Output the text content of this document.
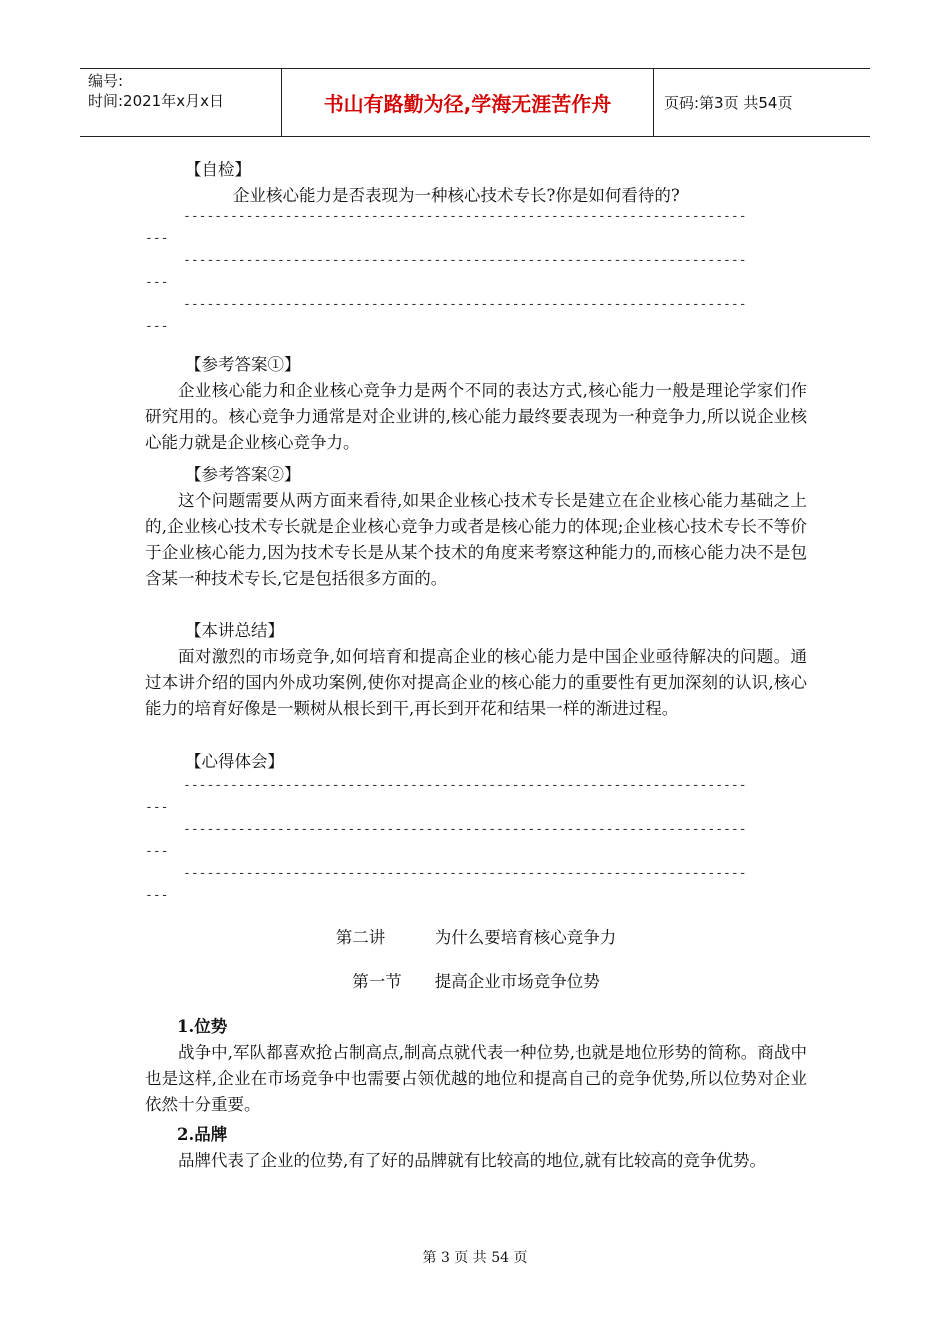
编号:
时间:2021年x月x日	书山有路勤为径,学海无涯苦作舟	页码:第3页 共54页

【自检】

企业核心能力是否表现为一种核心技术专长?你是如何看待的?

------------------------------------------------------------------------

---

------------------------------------------------------------------------

---

------------------------------------------------------------------------

---

【参考答案①】

企业核心能力和企业核心竞争力是两个不同的表达方式,核心能力一般是理论学家们作研究用的。核心竞争力通常是对企业讲的,核心能力最终要表现为一种竞争力,所以说企业核心能力就是企业核心竞争力。

【参考答案②】

这个问题需要从两方面来看待,如果企业核心技术专长是建立在企业核心能力基础之上的,企业核心技术专长就是企业核心竞争力或者是核心能力的体现;企业核心技术专长不等价于企业核心能力,因为技术专长是从某个技术的角度来考察这种能力的,而核心能力决不是包含某一种技术专长,它是包括很多方面的。

【本讲总结】

面对激烈的市场竞争,如何培育和提高企业的核心能力是中国企业亟待解决的问题。通过本讲介绍的国内外成功案例,使你对提高企业的核心能力的重要性有更加深刻的认识,核心能力的培育好像是一颗树从根长到干,再长到开花和结果一样的渐进过程。

【心得体会】

------------------------------------------------------------------------

---

------------------------------------------------------------------------

---

------------------------------------------------------------------------

---

第二讲　　　为什么要培育核心竞争力
第一节　　提高企业市场竞争位势

1.位势

战争中,军队都喜欢抢占制高点,制高点就代表一种位势,也就是地位形势的简称。商战中也是这样,企业在市场竞争中也需要占领优越的地位和提高自己的竞争优势,所以位势对企业依然十分重要。

2.品牌

品牌代表了企业的位势,有了好的品牌就有比较高的地位,就有比较高的竞争优势。

第 3 页 共 54 页
